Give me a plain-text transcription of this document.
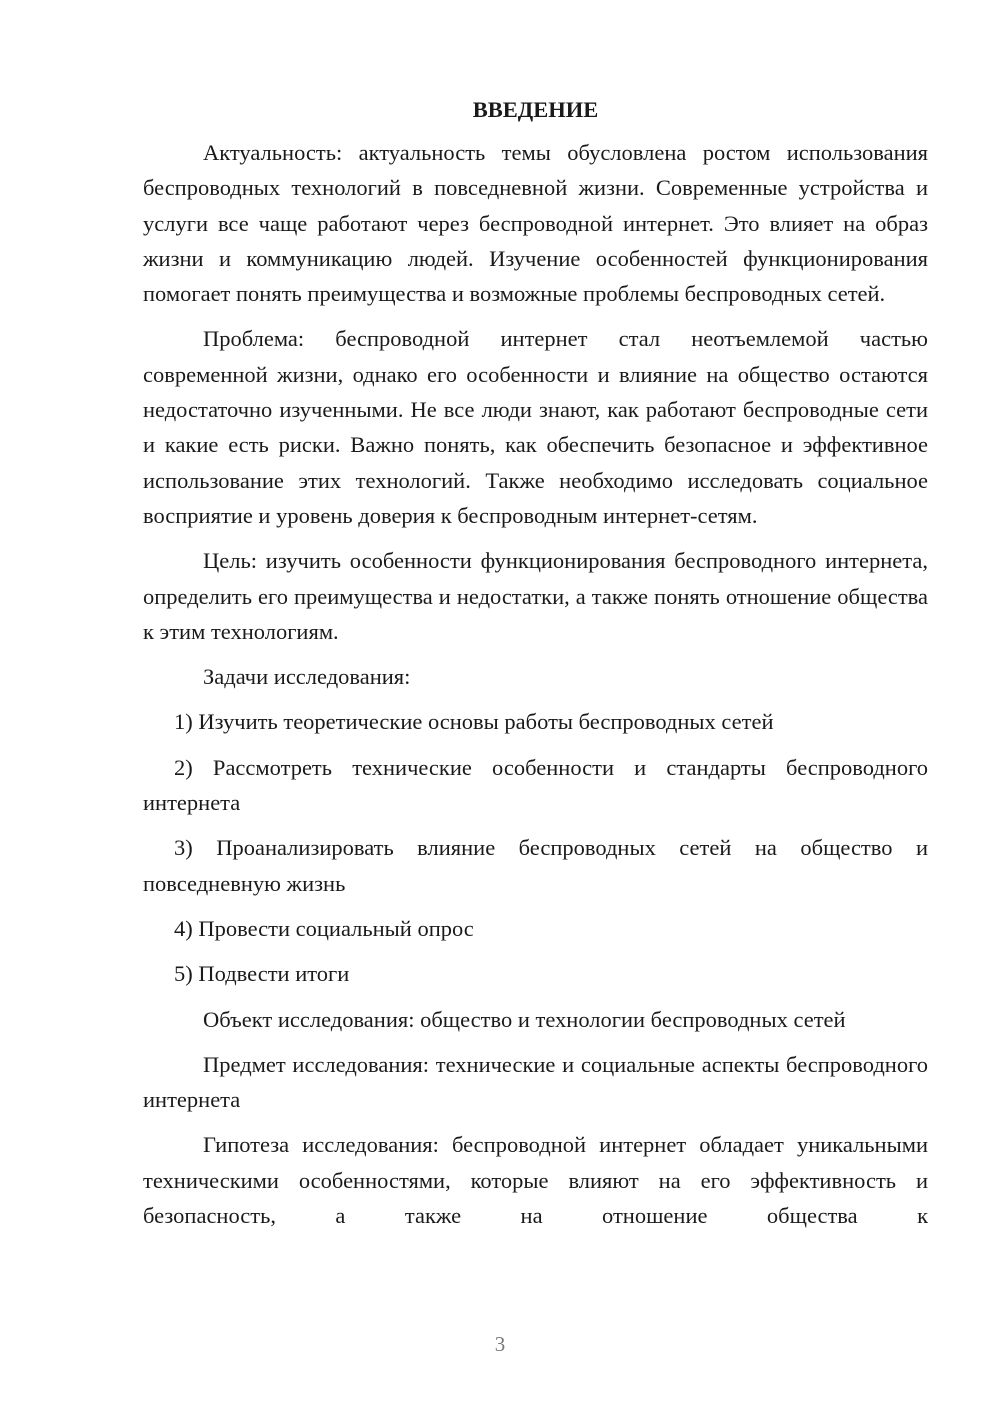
ВВЕДЕНИЕ

Актуальность: актуальность темы обусловлена ростом использования беспроводных технологий в повседневной жизни. Современные устройства и услуги все чаще работают через беспроводной интернет. Это влияет на образ жизни и коммуникацию людей. Изучение особенностей функционирования помогает понять преимущества и возможные проблемы беспроводных сетей.

Проблема: беспроводной интернет стал неотъемлемой частью современной жизни, однако его особенности и влияние на общество остаются недостаточно изученными. Не все люди знают, как работают беспроводные сети и какие есть риски. Важно понять, как обеспечить безопасное и эффективное использование этих технологий. Также необходимо исследовать социальное восприятие и уровень доверия к беспроводным интернет-сетям.

Цель: изучить особенности функционирования беспроводного интернета, определить его преимущества и недостатки, а также понять отношение общества к этим технологиям.

Задачи исследования:

1) Изучить теоретические основы работы беспроводных сетей

2) Рассмотреть технические особенности и стандарты беспроводного интернета

3) Проанализировать влияние беспроводных сетей на общество и повседневную жизнь

4) Провести социальный опрос

5) Подвести итоги

Объект исследования: общество и технологии беспроводных сетей

Предмет исследования: технические и социальные аспекты беспроводного интернета

Гипотеза исследования: беспроводной интернет обладает уникальными техническими особенностями, которые влияют на его эффективность и безопасность, а также на отношение общества к

3
